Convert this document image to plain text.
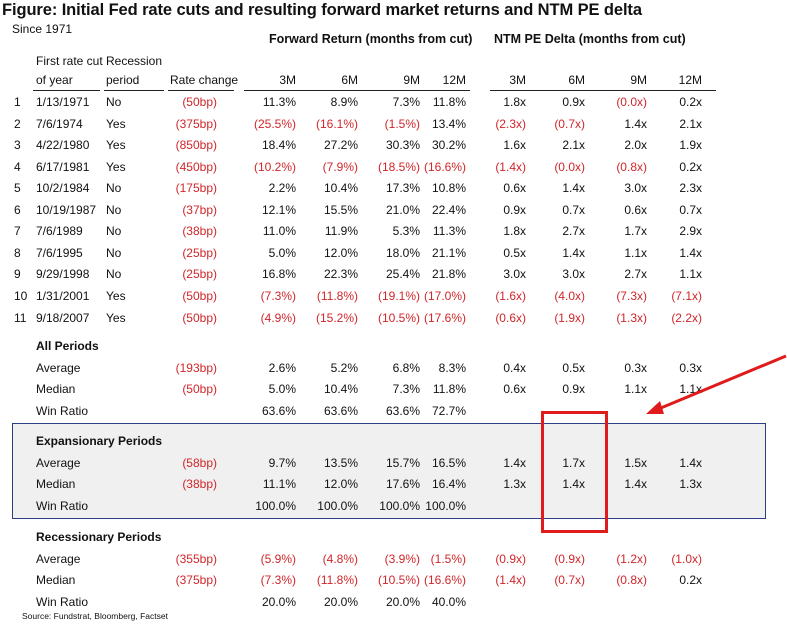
Figure: Initial Fed rate cuts and resulting forward market returns and NTM PE delta
Since 1971
Forward Return (months from cut) NTM PE Delta (months from cut)
First rate cut
of year
Recession
period	Rate change	3M	6M	9M	12M	3M	6M	9M	12M
1	1/13/1971 No	(50bp)	11.3%	8.9%	7.3%	11.8%	1.8x	0.9x	(0.0x)	0.2x
2	7/6/1974 Yes	(375bp)	(25.5%)	(16.1%)	(1.5%) 13.4%	(2.3x)	(0.7x)	1.4x	2.1x
3	4/22/1980 Yes	(850bp)	18.4%	27.2%	30.3% 30.2%	1.6x	2.1x	2.0x	1.9x
4	6/17/1981 Yes	(450bp)	(10.2%)	(7.9%)	(18.5%) (16.6%)	(1.4x)	(0.0x)	(0.8x)	0.2x
5	10/2/1984 No	(175bp)	2.2%	10.4%	17.3% 10.8%	0.6x	1.4x	3.0x	2.3x
6	10/19/1987 No	(37bp)	12.1%	15.5%	21.0% 22.4%	0.9x	0.7x	0.6x	0.7x
7	7/6/1989 No	(38bp)	11.0%	11.9%	5.3%	11.3%	1.8x	2.7x	1.7x	2.9x
8	7/6/1995 No	(25bp)	5.0%	12.0%	18.0% 21.1%	0.5x	1.4x	1.1x	1.4x
9	9/29/1998 No	(25bp)	16.8%	22.3%	25.4% 21.8%	3.0x	3.0x	2.7x	1.1x
10 1/31/2001 Yes	(50bp)	(7.3%)	(11.8%)	(19.1%) (17.0%)	(1.6x)	(4.0x)	(7.3x)	(7.1x)
11 9/18/2007 Yes	(50bp)	(4.9%)	(15.2%)	(10.5%) (17.6%)	(0.6x)	(1.9x)	(1.3x)	(2.2x)
All Periods
Average	(193bp)	2.6%	5.2%	6.8%	8.3%	0.4x	0.5x	0.3x	0.3x
Median	(50bp)	5.0%	10.4%	7.3%	11.8%	0.6x	0.9x	1.1x	1.1x
Win Ratio	63.6%	63.6%	63.6% 72.7%
Expansionary Periods
Average	(58bp)	9.7%	13.5%	15.7% 16.5%	1.4x	1.7x	1.5x	1.4x
Median	(38bp)	11.1%	12.0%	17.6% 16.4%	1.3x	1.4x	1.4x	1.3x
Win Ratio	100.0%	100.0%	100.0% 100.0%
Recessionary Periods
Average	(355bp)	(5.9%)	(4.8%)	(3.9%) (1.5%)	(0.9x)	(0.9x)	(1.2x)	(1.0x)
Median	(375bp)	(7.3%)	(11.8%)	(10.5%) (16.6%)	(1.4x)	(0.7x)	(0.8x)	0.2x
Win Ratio	20.0%	20.0%	20.0% 40.0%
Source: Fundstrat, Bloomberg, Factset
